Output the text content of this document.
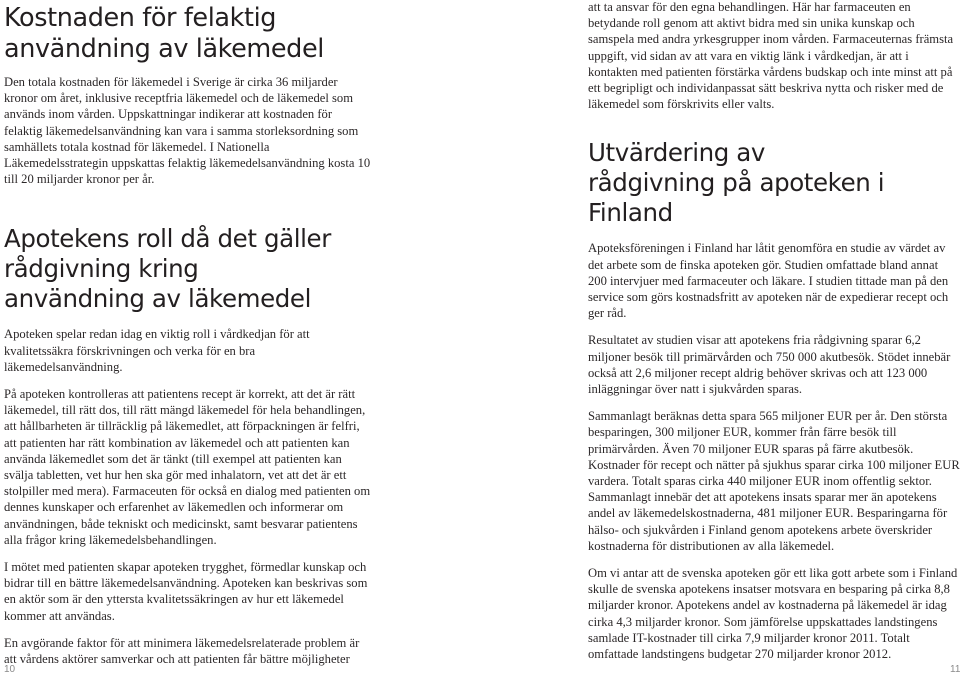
Kostnaden för felaktig användning av läkemedel

Den totala kostnaden för läkemedel i Sverige är cirka 36 miljarder kronor om året, inklusive receptfria läkemedel och de läkemedel som används inom vården. Uppskattningar indikerar att kostnaden för felaktig läkemedelsanvändning kan vara i samma storleksordning som samhällets totala kostnad för läkemedel. I Nationella Läkemedelsstrategin uppskattas felaktig läkemedelsanvändning kosta 10 till 20 miljarder kronor per år.

Apotekens roll då det gäller rådgivning kring användning av läkemedel

Apoteken spelar redan idag en viktig roll i vårdkedjan för att kvalitetssäkra förskrivningen och verka för en bra läkemedelsanvändning.

På apoteken kontrolleras att patientens recept är korrekt, att det är rätt läkemedel, till rätt dos, till rätt mängd läkemedel för hela behandlingen, att hållbarheten är tillräcklig på läkemedlet, att förpackningen är felfri, att patienten har rätt kombination av läkemedel och att patienten kan använda läkemedlet som det är tänkt (till exempel att patienten kan svälja tabletten, vet hur hen ska gör med inhalatorn, vet att det är ett stolpiller med mera). Farmaceuten för också en dialog med patienten om dennes kunskaper och erfarenhet av läkemedlen och informerar om användningen, både tekniskt och medicinskt, samt besvarar patientens alla frågor kring läkemedelsbehandlingen.

I mötet med patienten skapar apoteken trygghet, förmedlar kunskap och bidrar till en bättre läkemedelsanvändning. Apoteken kan beskrivas som en aktör som är den yttersta kvalitetssäkringen av hur ett läkemedel kommer att användas.

En avgörande faktor för att minimera läkemedelsrelaterade problem är att vårdens aktörer samverkar och att patienten får bättre möjligheter

10

att ta ansvar för den egna behandlingen. Här har farmaceuten en betydande roll genom att aktivt bidra med sin unika kunskap och samspela med andra yrkesgrupper inom vården. Farmaceuternas främsta uppgift, vid sidan av att vara en viktig länk i vårdkedjan, är att i kontakten med patienten förstärka vårdens budskap och inte minst att på ett begripligt och individanpassat sätt beskriva nytta och risker med de läkemedel som förskrivits eller valts.

Utvärdering av rådgivning på apoteken i Finland

Apoteksföreningen i Finland har låtit genomföra en studie av värdet av det arbete som de finska apoteken gör. Studien omfattade bland annat 200 intervjuer med farmaceuter och läkare. I studien tittade man på den service som görs kostnadsfritt av apoteken när de expedierar recept och ger råd.

Resultatet av studien visar att apotekens fria rådgivning sparar 6,2 miljoner besök till primärvården och 750 000 akutbesök. Stödet innebär också att 2,6 miljoner recept aldrig behöver skrivas och att 123 000 inläggningar över natt i sjukvården sparas.

Sammanlagt beräknas detta spara 565 miljoner EUR per år. Den största besparingen, 300 miljoner EUR, kommer från färre besök till primärvården. Även 70 miljoner EUR sparas på färre akutbesök. Kostnader för recept och nätter på sjukhus sparar cirka 100 miljoner EUR vardera. Totalt sparas cirka 440 miljoner EUR inom offentlig sektor. Sammanlagt innebär det att apotekens insats sparar mer än apotekens andel av läkemedelskostnaderna, 481 miljoner EUR. Besparingarna för hälso- och sjukvården i Finland genom apotekens arbete överskrider kostnaderna för distributionen av alla läkemedel.

Om vi antar att de svenska apoteken gör ett lika gott arbete som i Finland skulle de svenska apotekens insatser motsvara en besparing på cirka 8,8 miljarder kronor. Apotekens andel av kostnaderna på läkemedel är idag cirka 4,3 miljarder kronor. Som jämförelse uppskattades landstingens samlade IT-kostnader till cirka 7,9 miljarder kronor 2011. Totalt omfattade landstingens budgetar 270 miljarder kronor 2012.

11
